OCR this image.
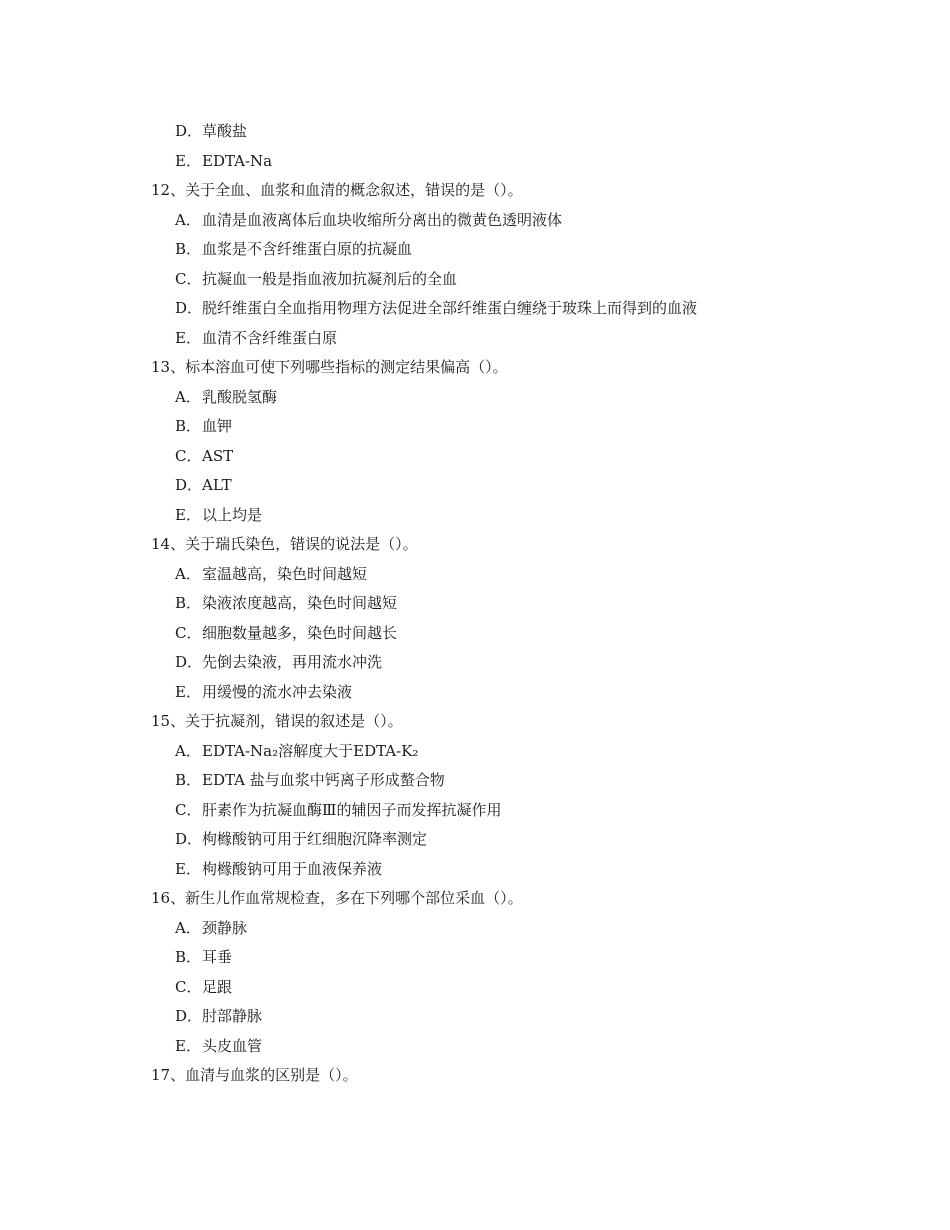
D．草酸盐
E．EDTA-Na
12、关于全血、血浆和血清的概念叙述，错误的是（）。
A．血清是血液离体后血块收缩所分离出的微黄色透明液体
B．血浆是不含纤维蛋白原的抗凝血
C．抗凝血一般是指血液加抗凝剂后的全血
D．脱纤维蛋白全血指用物理方法促进全部纤维蛋白缠绕于玻珠上而得到的血液
E．血清不含纤维蛋白原
13、标本溶血可使下列哪些指标的测定结果偏高（）。
A．乳酸脱氢酶
B．血钾
C．AST
D．ALT
E．以上均是
14、关于瑞氏染色，错误的说法是（）。
A．室温越高，染色时间越短
B．染液浓度越高，染色时间越短
C．细胞数量越多，染色时间越长
D．先倒去染液，再用流水冲洗
E．用缓慢的流水冲去染液
15、关于抗凝剂，错误的叙述是（）。
A．EDTA-Na₂溶解度大于EDTA-K₂
B．EDTA 盐与血浆中钙离子形成螯合物
C．肝素作为抗凝血酶Ⅲ的辅因子而发挥抗凝作用
D．枸橼酸钠可用于红细胞沉降率测定
E．枸橼酸钠可用于血液保养液
16、新生儿作血常规检查，多在下列哪个部位采血（）。
A．颈静脉
B．耳垂
C．足跟
D．肘部静脉
E．头皮血管
17、血清与血浆的区别是（）。
